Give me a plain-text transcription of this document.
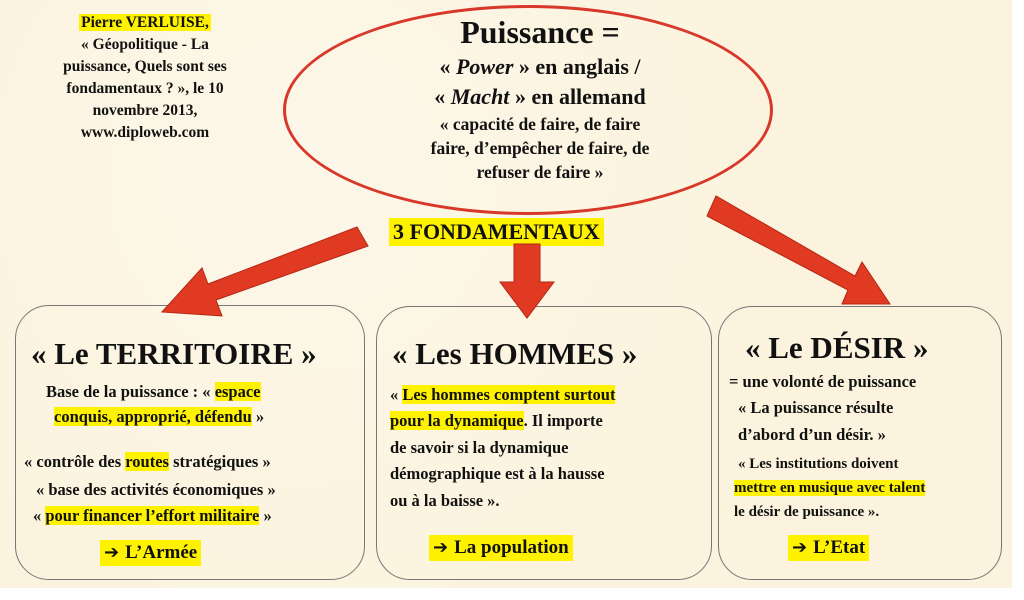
Pierre VERLUISE,
« Géopolitique - La
puissance, Quels sont ses
fondamentaux ? », le 10
novembre 2013,
www.diploweb.com
Puissance =
« Power » en anglais /
« Macht » en allemand
« capacité de faire, de faire
faire, d’empêcher de faire, de
refuser de faire »
3 FONDAMENTAUX
« Le TERRITOIRE »
Base de la puissance : « espace
conquis, approprié, défendu »
« contrôle des routes stratégiques »
« base des activités économiques »
« pour financer l’effort militaire »
➔ L’Armée
« Les HOMMES »
« Les hommes comptent surtout
pour la dynamique. Il importe
de savoir si la dynamique
démographique est à la hausse
ou à la baisse ».
➔ La population
« Le DÉSIR »
= une volonté de puissance
« La puissance résulte
d’abord d’un désir. »
« Les institutions doivent
mettre en musique avec talent
le désir de puissance ».
➔ L’Etat
